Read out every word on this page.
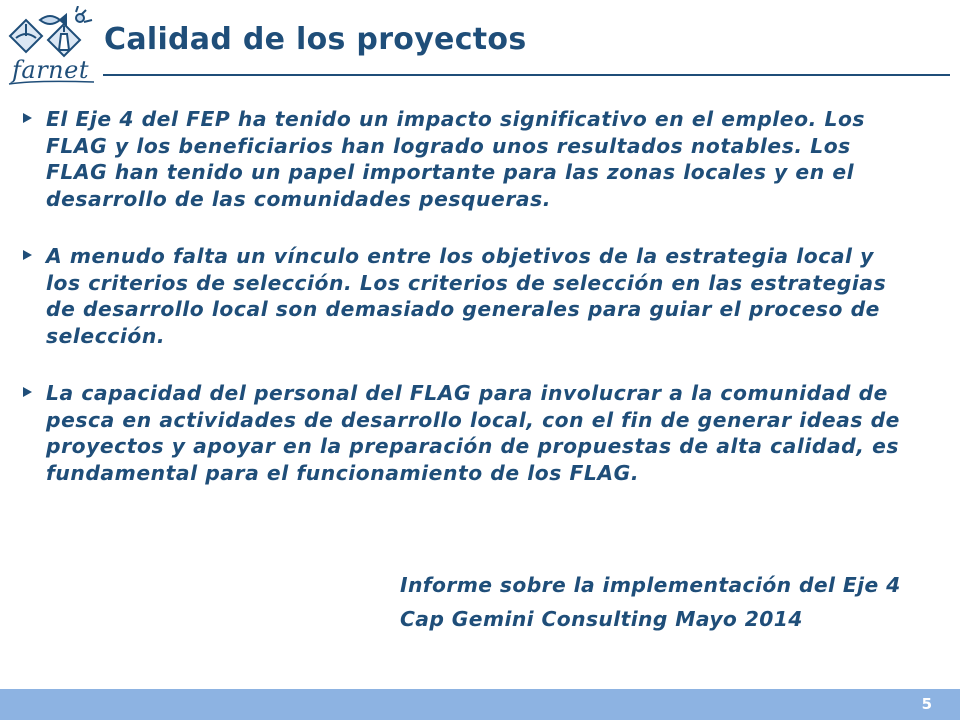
farnet
Calidad de los proyectos
El Eje 4 del FEP ha tenido un impacto significativo en el empleo. Los
FLAG y los beneficiarios han logrado unos resultados notables. Los
FLAG han tenido un papel importante para las zonas locales y en el
desarrollo de las comunidades pesqueras.
A menudo falta un vínculo entre los objetivos de la estrategia local y
los criterios de selección. Los criterios de selección en las estrategias
de desarrollo local son demasiado generales para guiar el proceso de
selección.
La capacidad del personal del FLAG para involucrar a la comunidad de
pesca en actividades de desarrollo local, con el fin de generar ideas de
proyectos y apoyar en la preparación de propuestas de alta calidad, es
fundamental para el funcionamiento de los FLAG.
Informe sobre la implementación del Eje 4
Cap Gemini Consulting Mayo 2014
5
